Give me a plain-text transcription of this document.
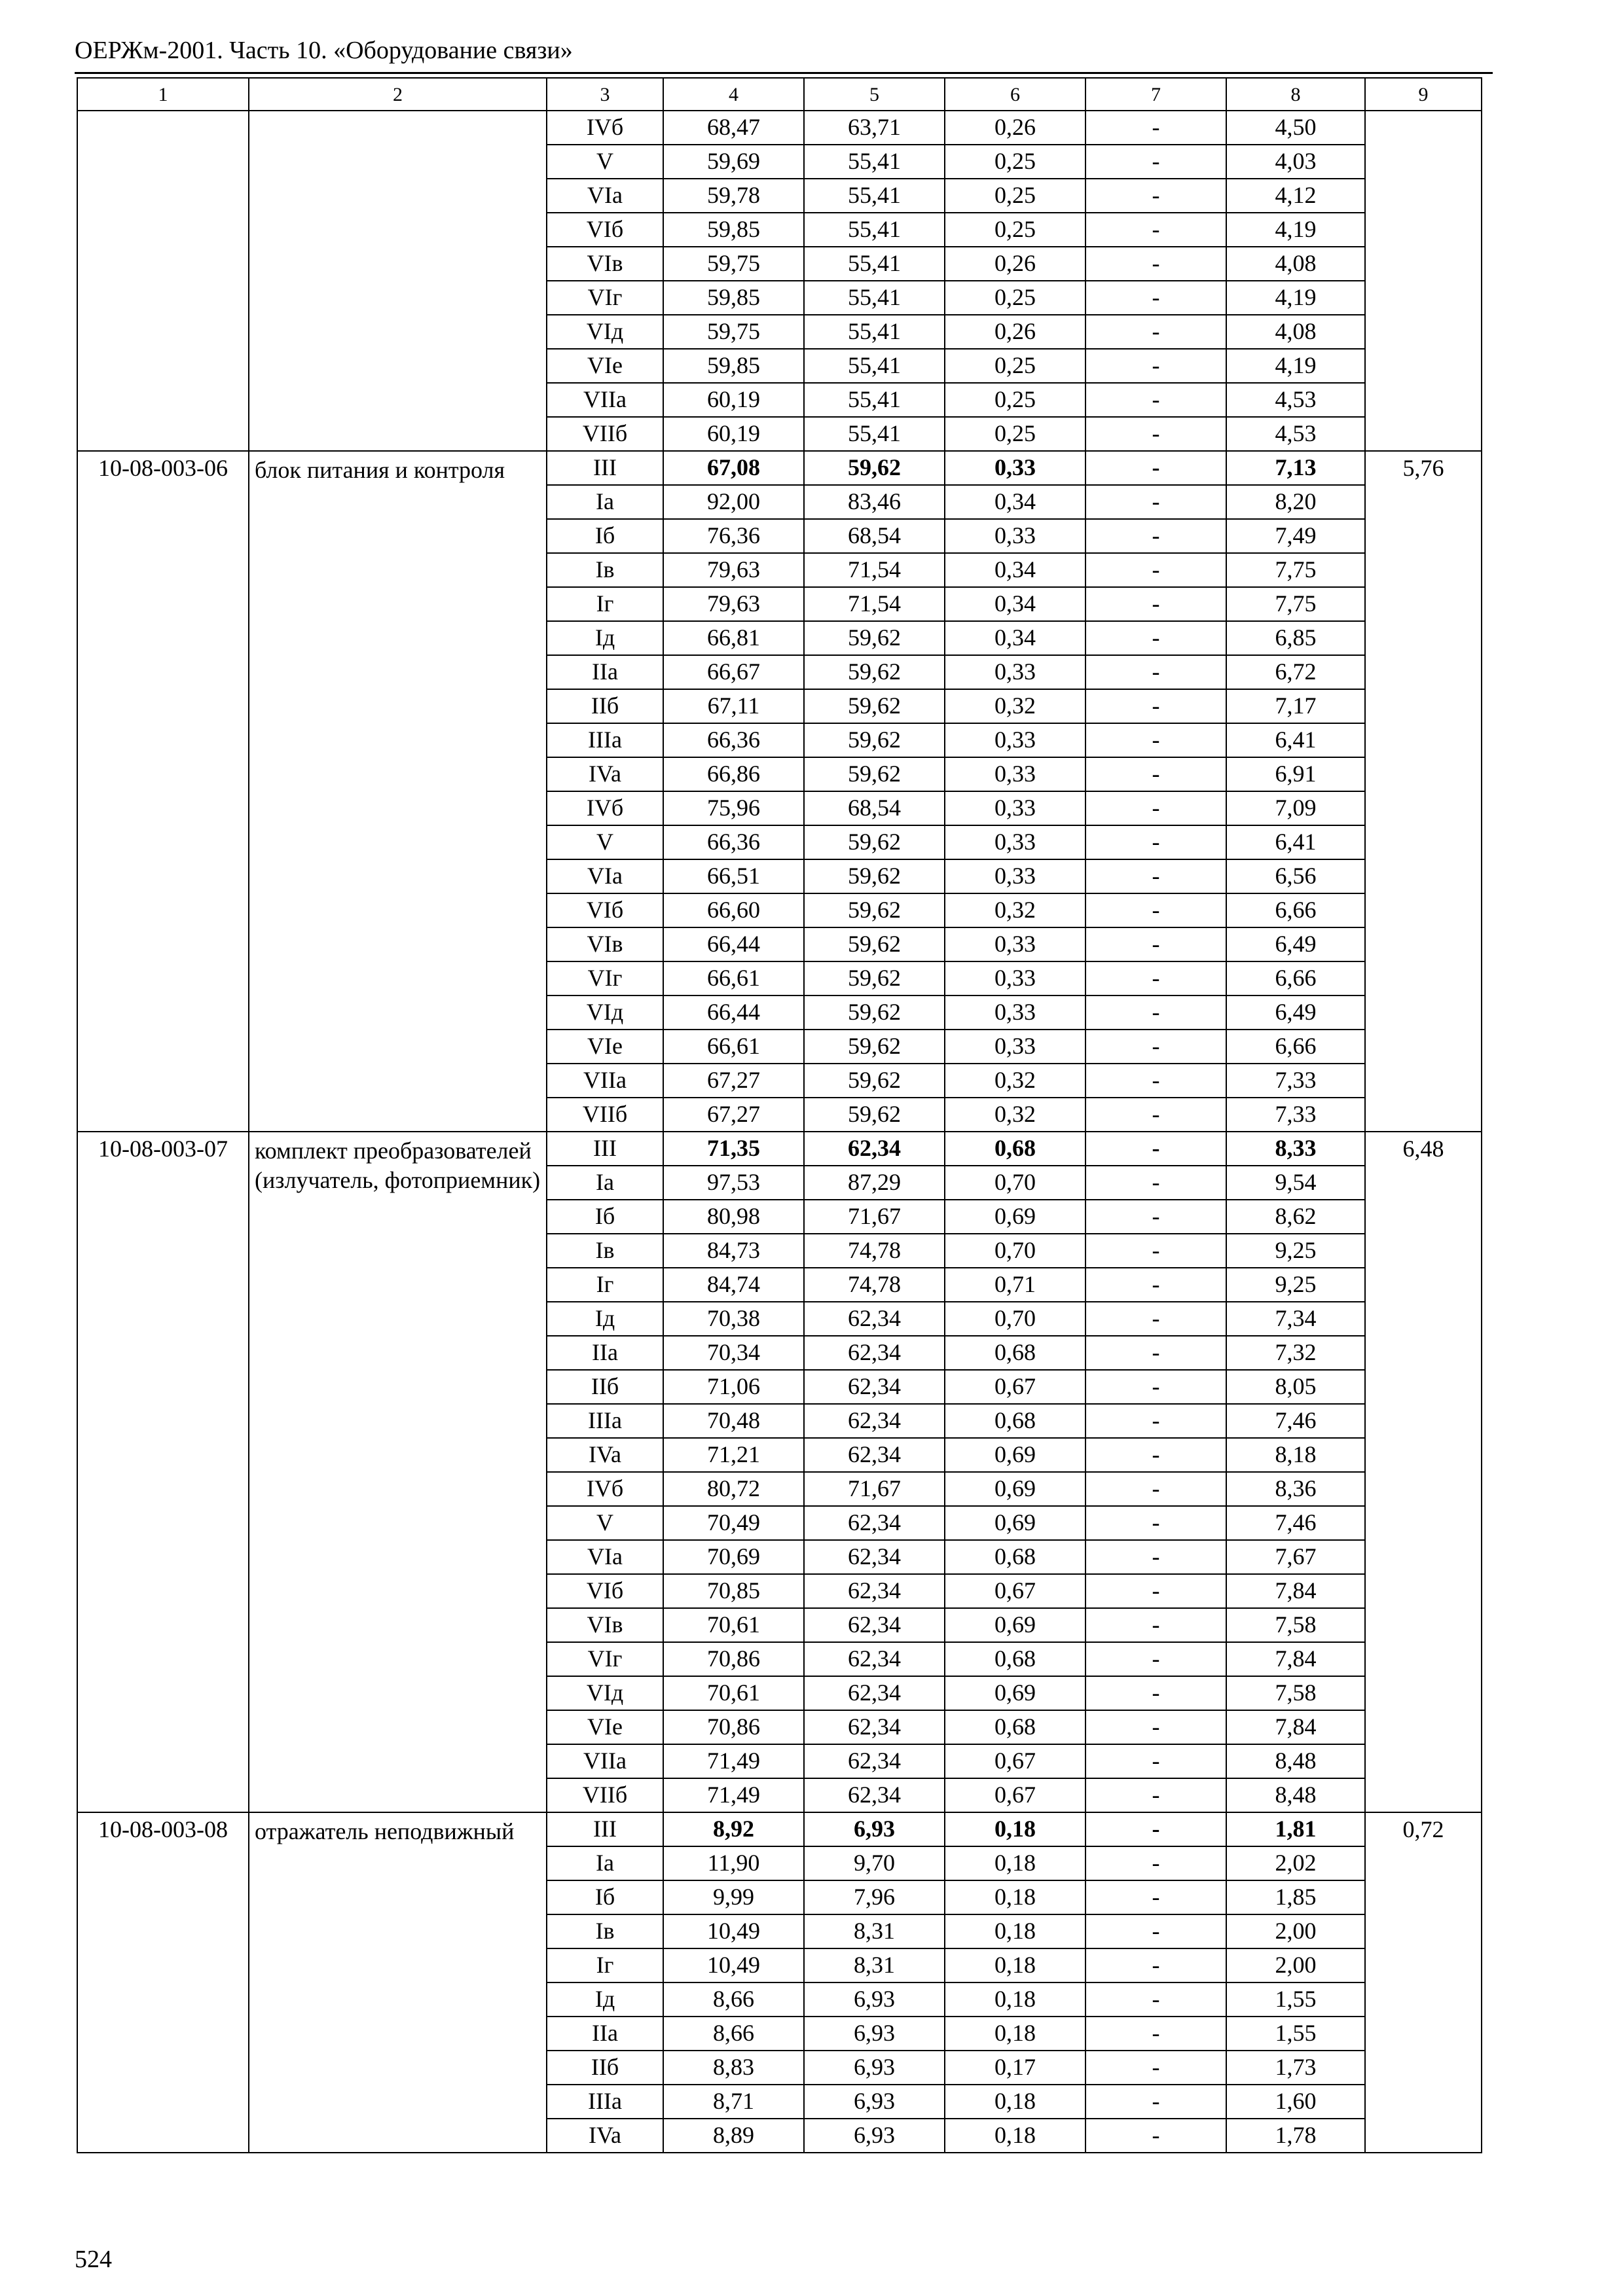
ОЕРЖм-2001. Часть 10. «Оборудование связи»
1	2	3	4	5	6	7	8	9
		IVб	68,47	63,71	0,26	-	4,50	
		V	59,69	55,41	0,25	-	4,03	
		VIa	59,78	55,41	0,25	-	4,12	
		VIб	59,85	55,41	0,25	-	4,19	
		VIв	59,75	55,41	0,26	-	4,08	
		VIг	59,85	55,41	0,25	-	4,19	
		VIд	59,75	55,41	0,26	-	4,08	
		VIe	59,85	55,41	0,25	-	4,19	
		VIIa	60,19	55,41	0,25	-	4,53	
		VIIб	60,19	55,41	0,25	-	4,53	
10-08-003-06	блок питания и контроля	III	67,08	59,62	0,33	-	7,13	5,76
		Ia	92,00	83,46	0,34	-	8,20	
		Iб	76,36	68,54	0,33	-	7,49	
		Iв	79,63	71,54	0,34	-	7,75	
		Iг	79,63	71,54	0,34	-	7,75	
		Iд	66,81	59,62	0,34	-	6,85	
		IIa	66,67	59,62	0,33	-	6,72	
		IIб	67,11	59,62	0,32	-	7,17	
		IIIa	66,36	59,62	0,33	-	6,41	
		IVa	66,86	59,62	0,33	-	6,91	
		IVб	75,96	68,54	0,33	-	7,09	
		V	66,36	59,62	0,33	-	6,41	
		VIa	66,51	59,62	0,33	-	6,56	
		VIб	66,60	59,62	0,32	-	6,66	
		VIв	66,44	59,62	0,33	-	6,49	
		VIг	66,61	59,62	0,33	-	6,66	
		VIд	66,44	59,62	0,33	-	6,49	
		VIe	66,61	59,62	0,33	-	6,66	
		VIIa	67,27	59,62	0,32	-	7,33	
		VIIб	67,27	59,62	0,32	-	7,33	
10-08-003-07	комплект преобразователей (излучатель, фотоприемник)	III	71,35	62,34	0,68	-	8,33	6,48
		Ia	97,53	87,29	0,70	-	9,54	
		Iб	80,98	71,67	0,69	-	8,62	
		Iв	84,73	74,78	0,70	-	9,25	
		Iг	84,74	74,78	0,71	-	9,25	
		Iд	70,38	62,34	0,70	-	7,34	
		IIa	70,34	62,34	0,68	-	7,32	
		IIб	71,06	62,34	0,67	-	8,05	
		IIIa	70,48	62,34	0,68	-	7,46	
		IVa	71,21	62,34	0,69	-	8,18	
		IVб	80,72	71,67	0,69	-	8,36	
		V	70,49	62,34	0,69	-	7,46	
		VIa	70,69	62,34	0,68	-	7,67	
		VIб	70,85	62,34	0,67	-	7,84	
		VIв	70,61	62,34	0,69	-	7,58	
		VIг	70,86	62,34	0,68	-	7,84	
		VIд	70,61	62,34	0,69	-	7,58	
		VIe	70,86	62,34	0,68	-	7,84	
		VIIa	71,49	62,34	0,67	-	8,48	
		VIIб	71,49	62,34	0,67	-	8,48	
10-08-003-08	отражатель неподвижный	III	8,92	6,93	0,18	-	1,81	0,72
		Ia	11,90	9,70	0,18	-	2,02	
		Iб	9,99	7,96	0,18	-	1,85	
		Iв	10,49	8,31	0,18	-	2,00	
		Iг	10,49	8,31	0,18	-	2,00	
		Iд	8,66	6,93	0,18	-	1,55	
		IIa	8,66	6,93	0,18	-	1,55	
		IIб	8,83	6,93	0,17	-	1,73	
		IIIa	8,71	6,93	0,18	-	1,60	
		IVa	8,89	6,93	0,18	-	1,78	
524
